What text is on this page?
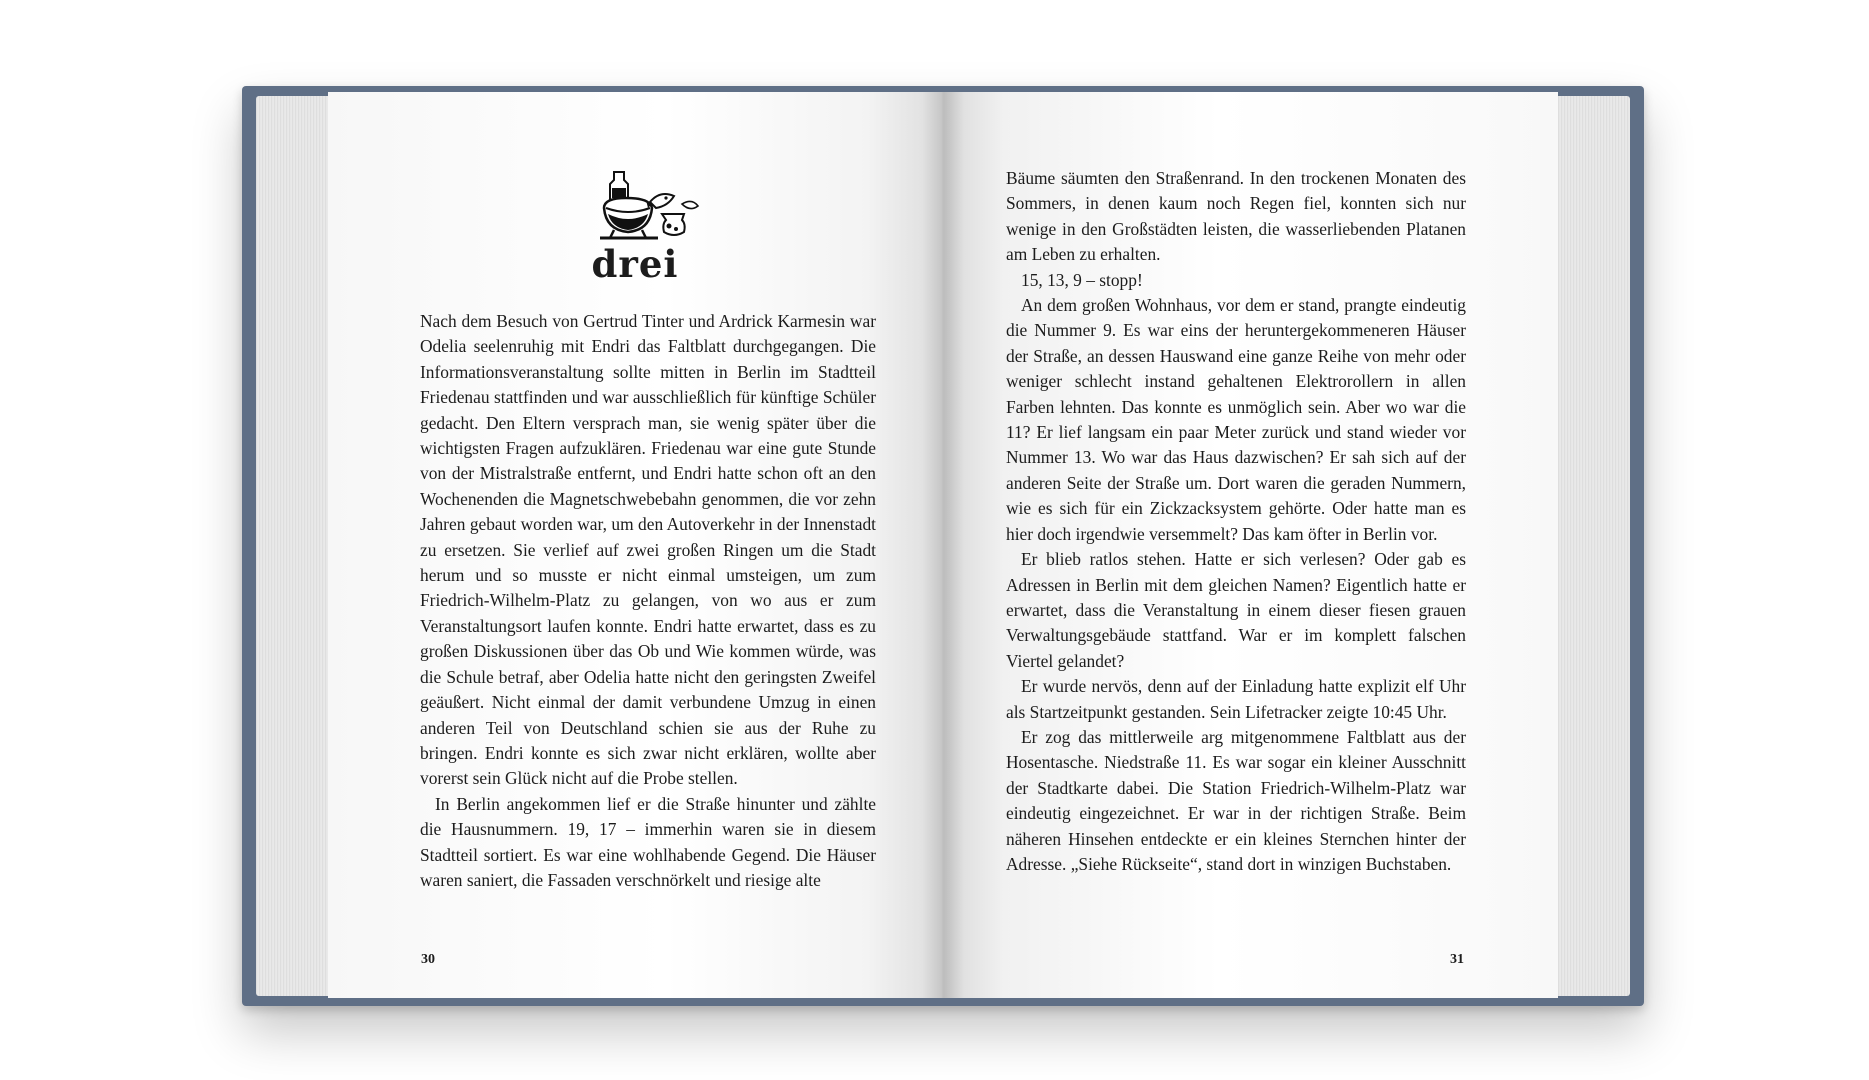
drei

Nach dem Besuch von Gertrud Tinter und Ardrick Karmesin war Odelia seelenruhig mit Endri das Faltblatt durchgegangen. Die Informationsveranstaltung sollte mitten in Berlin im Stadtteil Friedenau stattfinden und war ausschließlich für künftige Schüler gedacht. Den Eltern versprach man, sie wenig später über die wichtigsten Fragen aufzuklären. Friedenau war eine gute Stunde von der Mistralstraße entfernt, und Endri hatte schon oft an den Wochenenden die Magnetschwebebahn genommen, die vor zehn Jahren gebaut worden war, um den Autoverkehr in der Innenstadt zu ersetzen. Sie verlief auf zwei großen Ringen um die Stadt herum und so musste er nicht einmal umsteigen, um zum Friedrich-Wilhelm-Platz zu gelangen, von wo aus er zum Veranstaltungsort laufen konnte. Endri hatte erwartet, dass es zu großen Diskussionen über das Ob und Wie kommen würde, was die Schule betraf, aber Odelia hatte nicht den geringsten Zweifel geäußert. Nicht einmal der damit verbundene Umzug in einen anderen Teil von Deutschland schien sie aus der Ruhe zu bringen. Endri konnte es sich zwar nicht erklären, wollte aber vorerst sein Glück nicht auf die Probe stellen.

In Berlin angekommen lief er die Straße hinunter und zählte die Hausnummern. 19, 17 – immerhin waren sie in diesem Stadtteil sortiert. Es war eine wohlhabende Gegend. Die Häuser waren saniert, die Fassaden verschnörkelt und riesige alte

30

Bäume säumten den Straßenrand. In den trockenen Monaten des Sommers, in denen kaum noch Regen fiel, konnten sich nur wenige in den Großstädten leisten, die wasserliebenden Platanen am Leben zu erhalten.

15, 13, 9 – stopp!

An dem großen Wohnhaus, vor dem er stand, prangte eindeutig die Nummer 9. Es war eins der heruntergekommeneren Häuser der Straße, an dessen Hauswand eine ganze Reihe von mehr oder weniger schlecht instand gehaltenen Elektrorollern in allen Farben lehnten. Das konnte es unmöglich sein. Aber wo war die 11? Er lief langsam ein paar Meter zurück und stand wieder vor Nummer 13. Wo war das Haus dazwischen? Er sah sich auf der anderen Seite der Straße um. Dort waren die geraden Nummern, wie es sich für ein Zickzacksystem gehörte. Oder hatte man es hier doch irgendwie versemmelt? Das kam öfter in Berlin vor.

Er blieb ratlos stehen. Hatte er sich verlesen? Oder gab es Adressen in Berlin mit dem gleichen Namen? Eigentlich hatte er erwartet, dass die Veranstaltung in einem dieser fiesen grauen Verwaltungsgebäude stattfand. War er im komplett falschen Viertel gelandet?

Er wurde nervös, denn auf der Einladung hatte explizit elf Uhr als Startzeitpunkt gestanden. Sein Lifetracker zeigte 10:45 Uhr.

Er zog das mittlerweile arg mitgenommene Faltblatt aus der Hosentasche. Niedstraße 11. Es war sogar ein kleiner Ausschnitt der Stadtkarte dabei. Die Station Friedrich-Wilhelm-Platz war eindeutig eingezeichnet. Er war in der richtigen Straße. Beim näheren Hinsehen entdeckte er ein kleines Sternchen hinter der Adresse. „Siehe Rückseite“, stand dort in winzigen Buchstaben.

31
